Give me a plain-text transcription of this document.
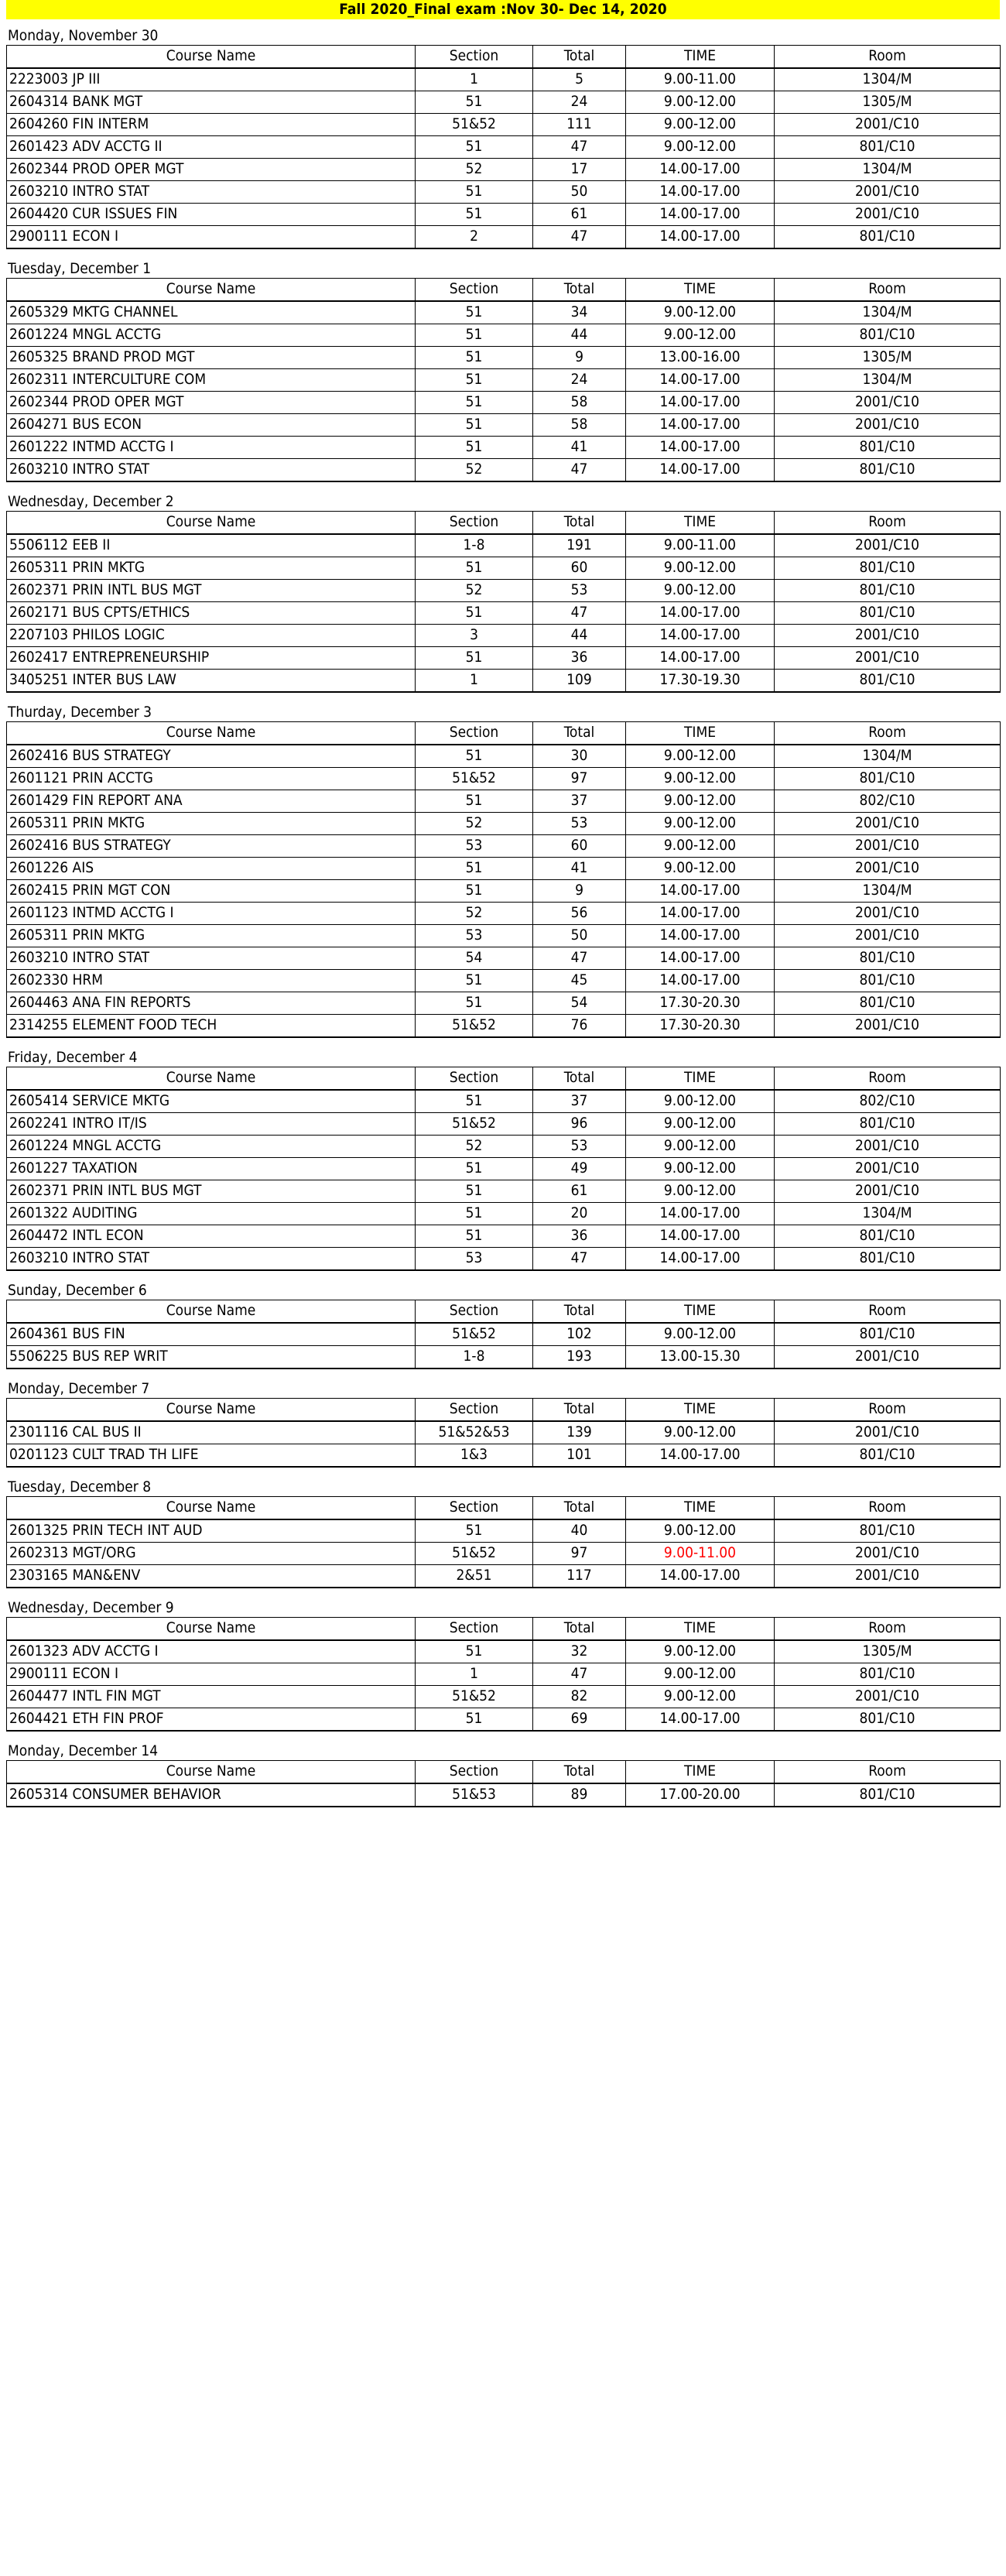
Fall 2020_Final exam :Nov 30- Dec 14, 2020
Monday, November 30
Course Name	Section	Total	TIME	Room
2223003 JP III	1	5	9.00-11.00	1304/M
2604314 BANK MGT	51	24	9.00-12.00	1305/M
2604260 FIN INTERM	51&52	111	9.00-12.00	2001/C10
2601423 ADV ACCTG II	51	47	9.00-12.00	801/C10
2602344 PROD OPER MGT	52	17	14.00-17.00	1304/M
2603210 INTRO STAT	51	50	14.00-17.00	2001/C10
2604420 CUR ISSUES FIN	51	61	14.00-17.00	2001/C10
2900111 ECON I	2	47	14.00-17.00	801/C10
Tuesday, December 1
Course Name	Section	Total	TIME	Room
2605329 MKTG CHANNEL	51	34	9.00-12.00	1304/M
2601224 MNGL ACCTG	51	44	9.00-12.00	801/C10
2605325 BRAND PROD MGT	51	9	13.00-16.00	1305/M
2602311 INTERCULTURE COM	51	24	14.00-17.00	1304/M
2602344 PROD OPER MGT	51	58	14.00-17.00	2001/C10
2604271 BUS ECON	51	58	14.00-17.00	2001/C10
2601222 INTMD ACCTG I	51	41	14.00-17.00	801/C10
2603210 INTRO STAT	52	47	14.00-17.00	801/C10
Wednesday, December 2
Course Name	Section	Total	TIME	Room
5506112 EEB II	1-8	191	9.00-11.00	2001/C10
2605311 PRIN MKTG	51	60	9.00-12.00	801/C10
2602371 PRIN INTL BUS MGT	52	53	9.00-12.00	801/C10
2602171 BUS CPTS/ETHICS	51	47	14.00-17.00	801/C10
2207103 PHILOS LOGIC	3	44	14.00-17.00	2001/C10
2602417 ENTREPRENEURSHIP	51	36	14.00-17.00	2001/C10
3405251 INTER BUS LAW	1	109	17.30-19.30	801/C10
Thurday, December 3
Course Name	Section	Total	TIME	Room
2602416 BUS STRATEGY	51	30	9.00-12.00	1304/M
2601121 PRIN ACCTG	51&52	97	9.00-12.00	801/C10
2601429 FIN REPORT ANA	51	37	9.00-12.00	802/C10
2605311 PRIN MKTG	52	53	9.00-12.00	2001/C10
2602416 BUS STRATEGY	53	60	9.00-12.00	2001/C10
2601226 AIS	51	41	9.00-12.00	2001/C10
2602415 PRIN MGT CON	51	9	14.00-17.00	1304/M
2601123 INTMD ACCTG I	52	56	14.00-17.00	2001/C10
2605311 PRIN MKTG	53	50	14.00-17.00	2001/C10
2603210 INTRO STAT	54	47	14.00-17.00	801/C10
2602330 HRM	51	45	14.00-17.00	801/C10
2604463 ANA FIN REPORTS	51	54	17.30-20.30	801/C10
2314255 ELEMENT FOOD TECH	51&52	76	17.30-20.30	2001/C10
Friday, December 4
Course Name	Section	Total	TIME	Room
2605414 SERVICE MKTG	51	37	9.00-12.00	802/C10
2602241 INTRO IT/IS	51&52	96	9.00-12.00	801/C10
2601224 MNGL ACCTG	52	53	9.00-12.00	2001/C10
2601227 TAXATION	51	49	9.00-12.00	2001/C10
2602371 PRIN INTL BUS MGT	51	61	9.00-12.00	2001/C10
2601322 AUDITING	51	20	14.00-17.00	1304/M
2604472 INTL ECON	51	36	14.00-17.00	801/C10
2603210 INTRO STAT	53	47	14.00-17.00	801/C10
Sunday, December 6
Course Name	Section	Total	TIME	Room
2604361 BUS FIN	51&52	102	9.00-12.00	801/C10
5506225 BUS REP WRIT	1-8	193	13.00-15.30	2001/C10
Monday, December 7
Course Name	Section	Total	TIME	Room
2301116 CAL BUS II	51&52&53	139	9.00-12.00	2001/C10
0201123 CULT TRAD TH LIFE	1&3	101	14.00-17.00	801/C10
Tuesday, December 8
Course Name	Section	Total	TIME	Room
2601325 PRIN TECH INT AUD	51	40	9.00-12.00	801/C10
2602313 MGT/ORG	51&52	97	9.00-11.00	2001/C10
2303165 MAN&ENV	2&51	117	14.00-17.00	2001/C10
Wednesday, December 9
Course Name	Section	Total	TIME	Room
2601323 ADV ACCTG I	51	32	9.00-12.00	1305/M
2900111 ECON I	1	47	9.00-12.00	801/C10
2604477 INTL FIN MGT	51&52	82	9.00-12.00	2001/C10
2604421 ETH FIN PROF	51	69	14.00-17.00	801/C10
Monday, December 14
Course Name	Section	Total	TIME	Room
2605314 CONSUMER BEHAVIOR	51&53	89	17.00-20.00	801/C10
